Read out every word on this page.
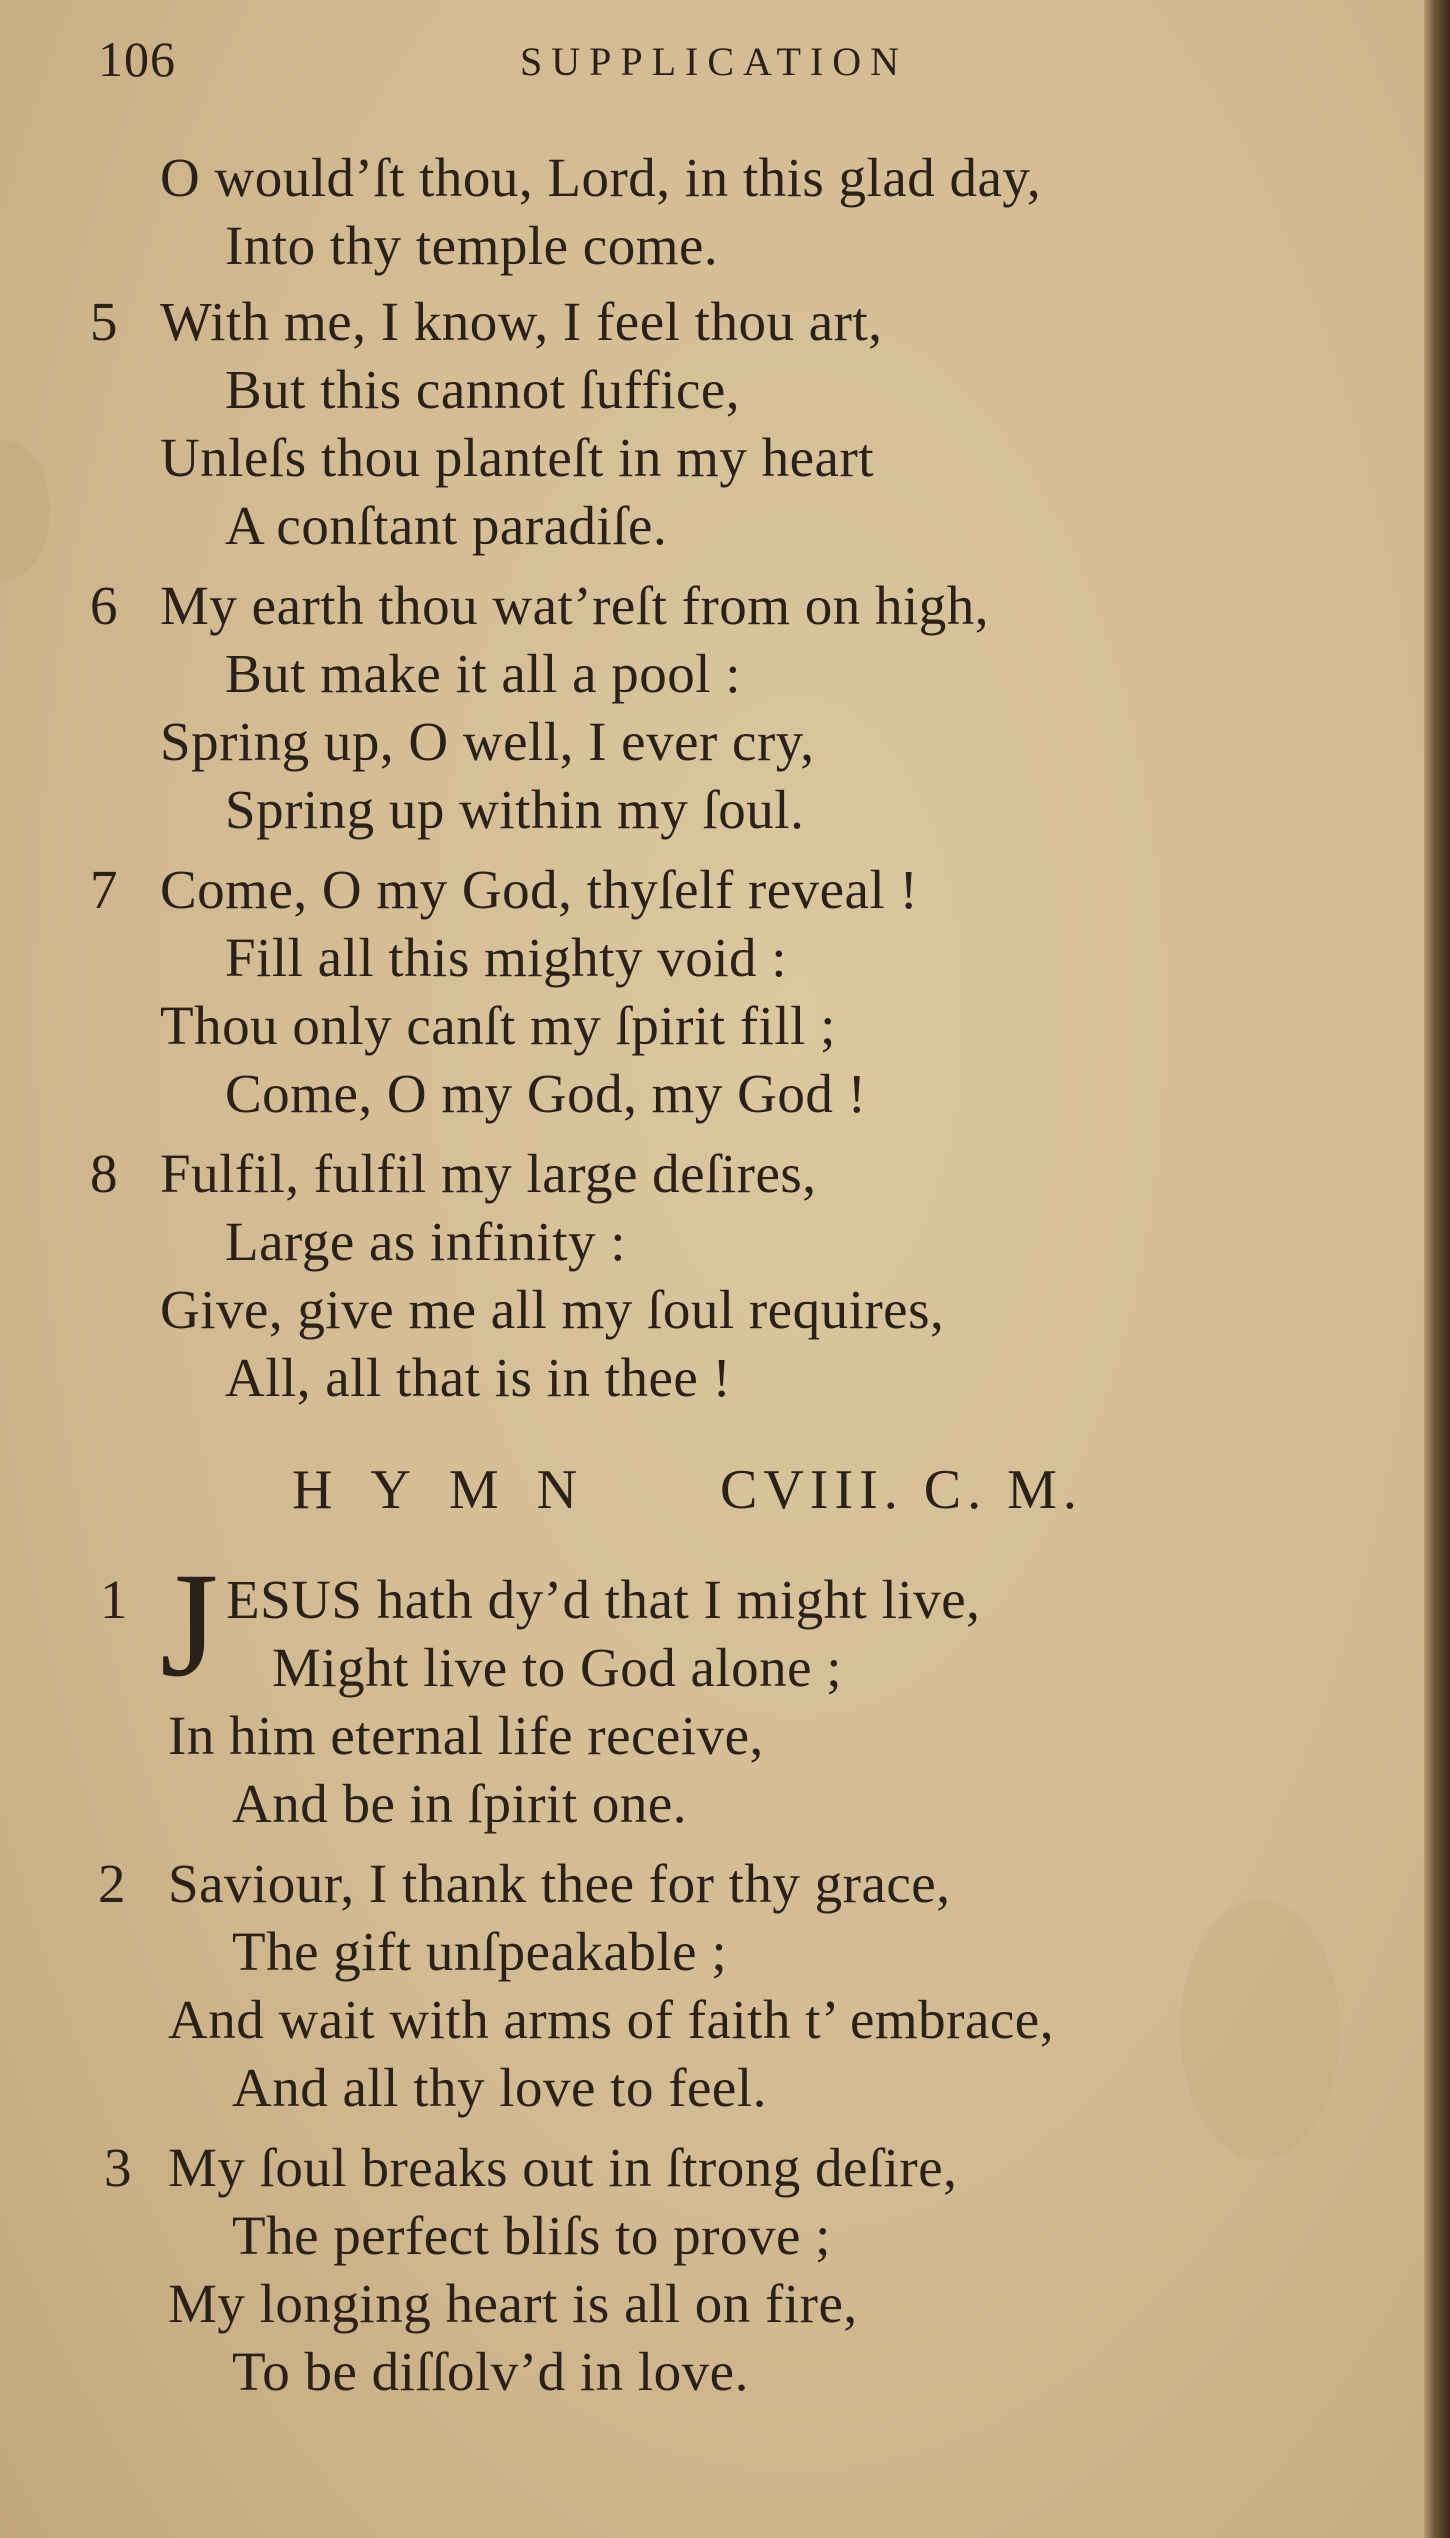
106	SUPPLICATION
O would’ſt thou, Lord, in this glad day,
Into thy temple come.
5 With me, I know, I feel thou art,
But this cannot ſuffice,
Unleſs thou planteſt in my heart
A conſtant paradiſe.
6 My earth thou wat’reſt from on high,
But make it all a pool :
Spring up, O well, I ever cry,
Spring up within my ſoul.
7 Come, O my God, thyſelf reveal !
Fill all this mighty void :
Thou only canſt my ſpirit fill ;
Come, O my God, my God !
8 Fulfil, fulfil my large deſires,
Large as infinity :
Give, give me all my ſoul requires,
All, all that is in thee !
HYMN CVIII. C. M.
1 J ESUS hath dy’d that I might live,
Might live to God alone ;
In him eternal life receive,
And be in ſpirit one.
2 Saviour, I thank thee for thy grace,
The gift unſpeakable ;
And wait with arms of faith t’ embrace,
And all thy love to feel.
3 My ſoul breaks out in ſtrong deſire,
The perfect bliſs to prove ;
My longing heart is all on fire,
To be diſſolv’d in love.
